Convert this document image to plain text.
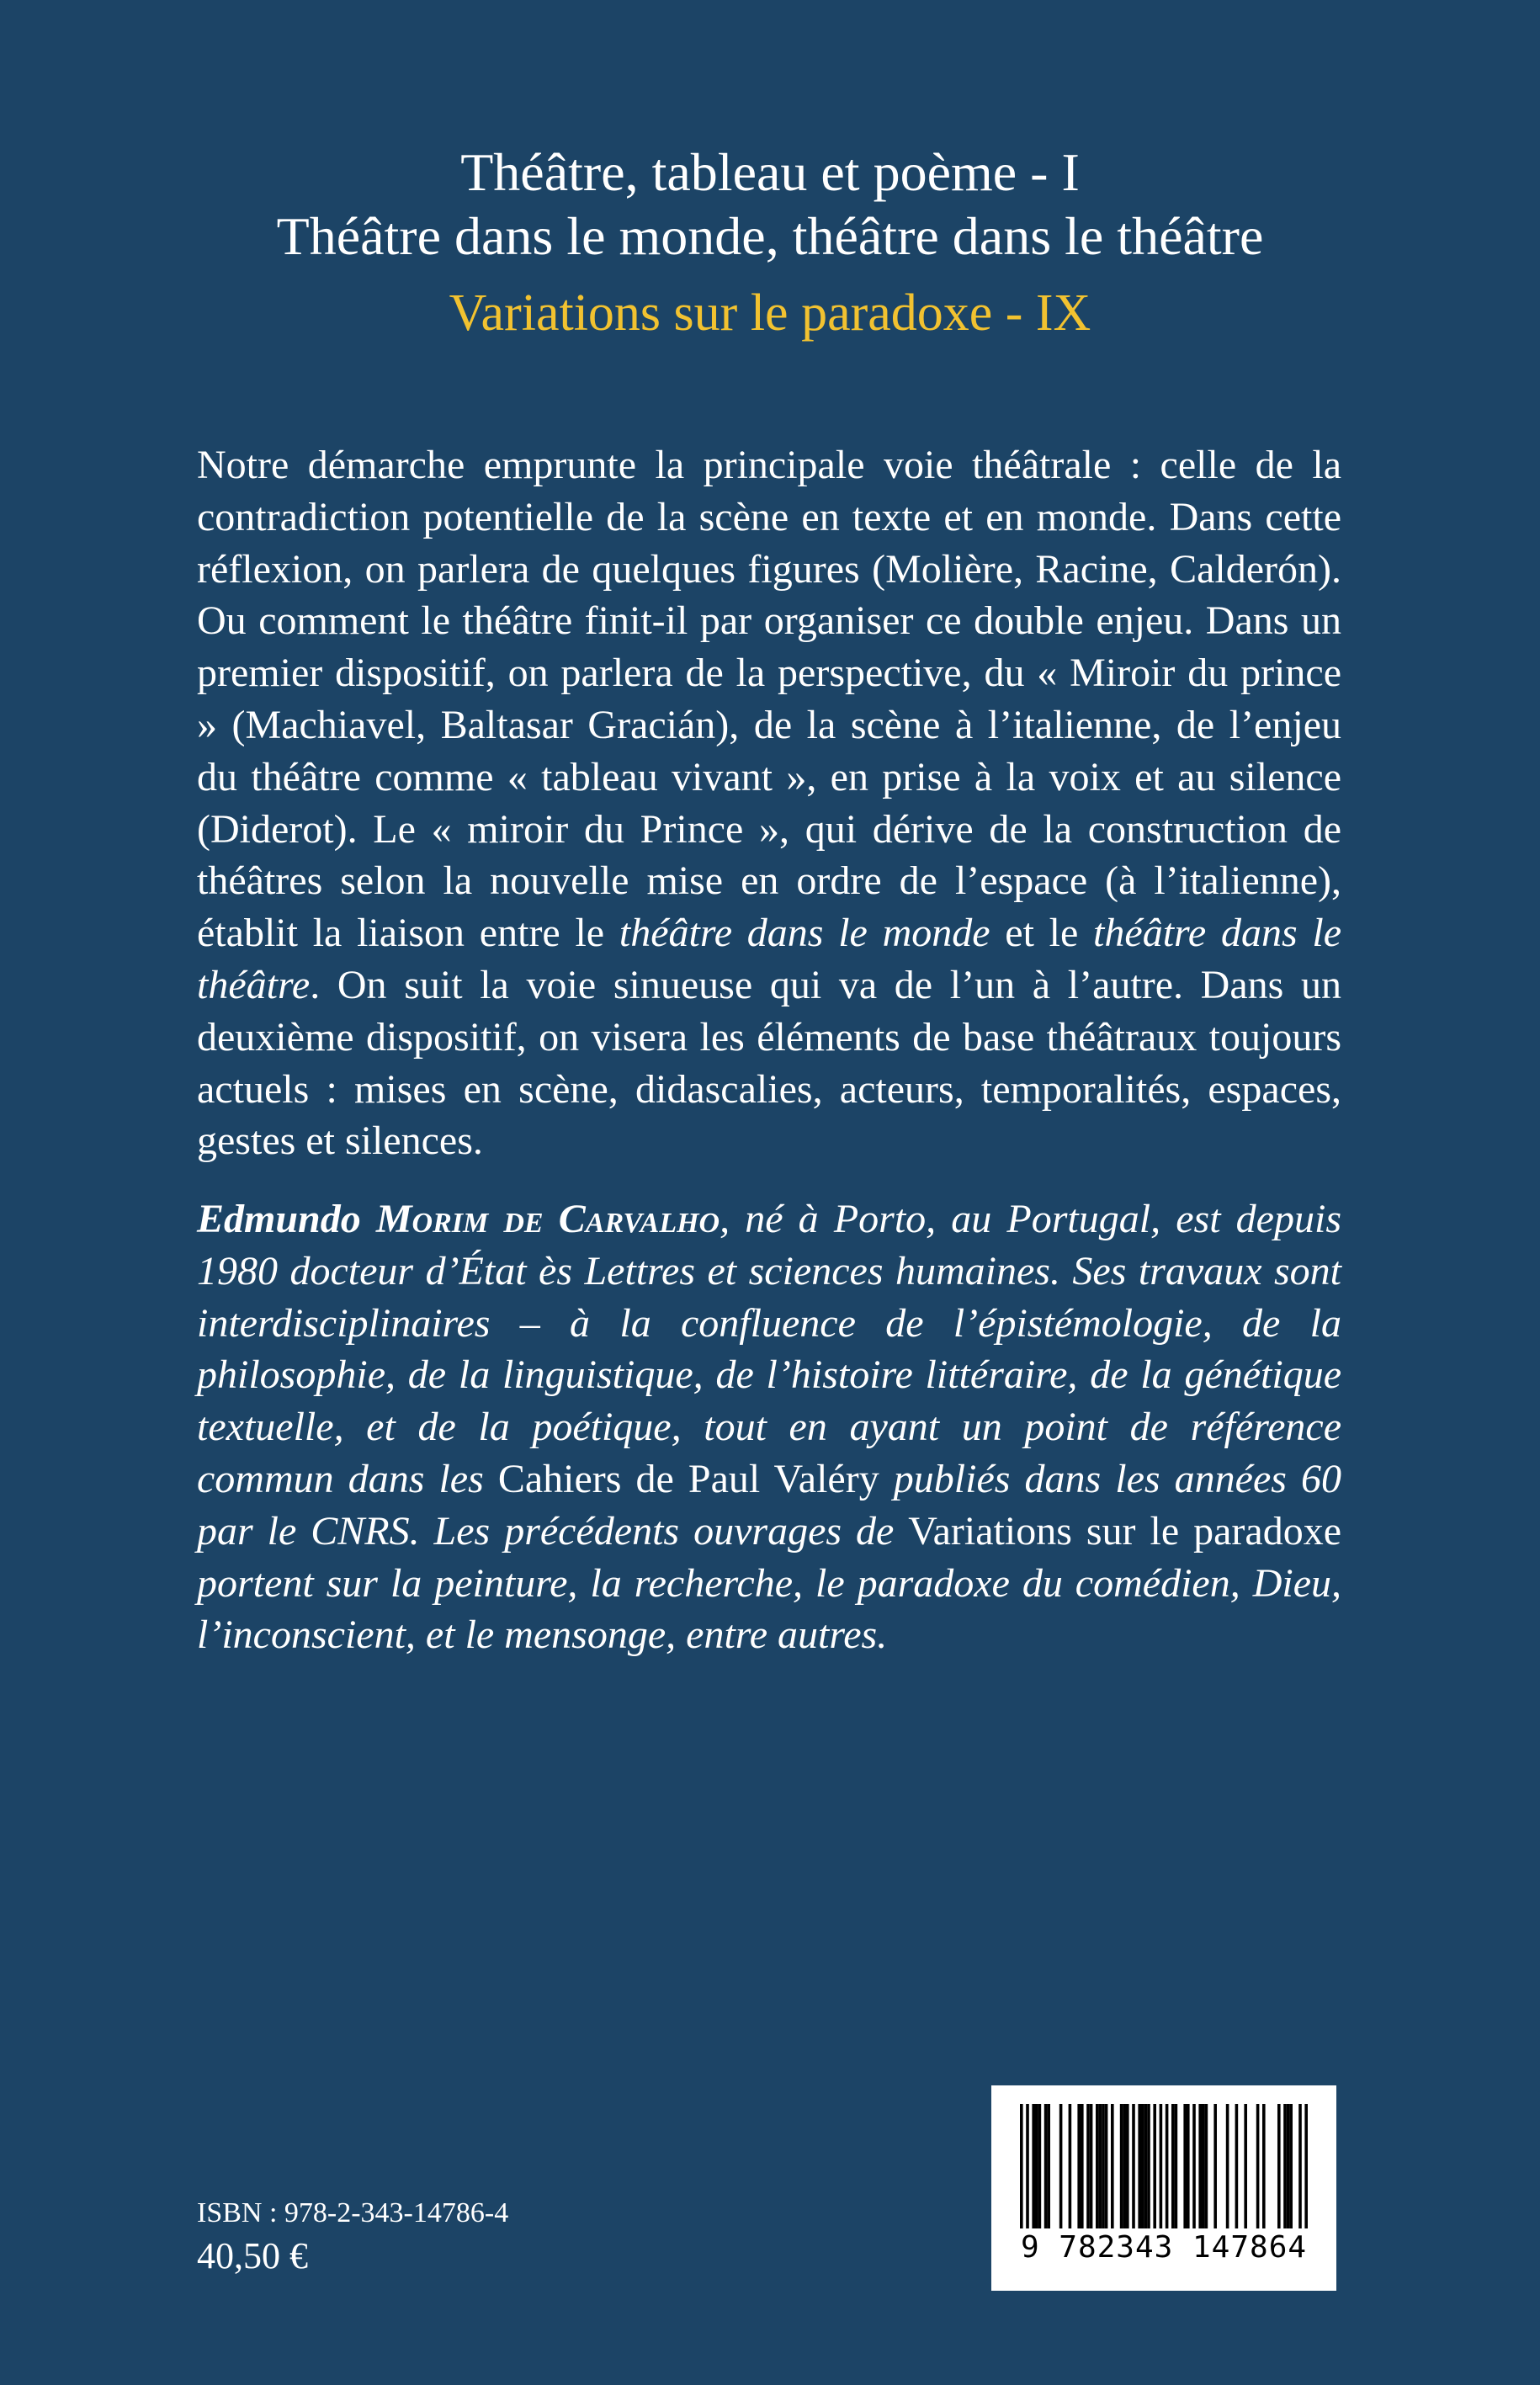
Théâtre, tableau et poème - I

Théâtre dans le monde, théâtre dans le théâtre

Variations sur le paradoxe - IX

Notre démarche emprunte la principale voie théâtrale : celle de la contradiction potentielle de la scène en texte et en monde. Dans cette réflexion, on parlera de quelques figures (Molière, Racine, Calderón). Ou comment le théâtre finit-il par organiser ce double enjeu. Dans un premier dispositif, on parlera de la perspective, du « Miroir du prince » (Machiavel, Baltasar Gracián), de la scène à l’italienne, de l’enjeu du théâtre comme « tableau vivant », en prise à la voix et au silence (Diderot). Le « miroir du Prince », qui dérive de la construction de théâtres selon la nouvelle mise en ordre de l’espace (à l’italienne), établit la liaison entre le théâtre dans le monde et le théâtre dans le théâtre. On suit la voie sinueuse qui va de l’un à l’autre. Dans un deuxième dispositif, on visera les éléments de base théâtraux toujours actuels : mises en scène, didascalies, acteurs, temporalités, espaces, gestes et silences.

Edmundo Morim de Carvalho, né à Porto, au Portugal, est depuis 1980 docteur d’État ès Lettres et sciences humaines. Ses travaux sont interdisciplinaires – à la confluence de l’épistémologie, de la philosophie, de la linguistique, de l’histoire littéraire, de la génétique textuelle, et de la poétique, tout en ayant un point de référence commun dans les Cahiers de Paul Valéry publiés dans les années 60 par le CNRS. Les précédents ouvrages de Variations sur le paradoxe portent sur la peinture, la recherche, le paradoxe du comédien, Dieu, l’inconscient, et le mensonge, entre autres.

ISBN : 978-2-343-14786-4

40,50 €	9 782343 147864
